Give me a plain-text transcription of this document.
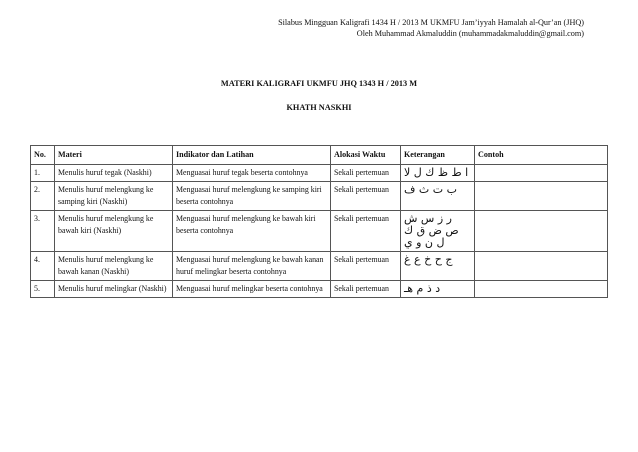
Silabus Mingguan Kaligrafi 1434 H / 2013 M UKMFU Jam’iyyah Hamalah al-Qur’an (JHQ)
Oleh Muhammad Akmaluddin (muhammadakmaluddin@gmail.com)
MATERI KALIGRAFI UKMFU JHQ 1343 H / 2013 M
KHATH NASKHI
No.	Materi	Indikator dan Latihan	Alokasi Waktu	Keterangan	Contoh
1.	Menulis huruf tegak (Naskhi)	Menguasai huruf tegak beserta contohnya	Sekali pertemuan	ا ط ظ ك ل لا	
2.	Menulis huruf melengkung ke samping kiri (Naskhi)	Menguasai huruf melengkung ke samping kiri beserta contohnya	Sekali pertemuan	ب ت ث ف	
3.	Menulis huruf melengkung ke bawah kiri (Naskhi)	Menguasai huruf melengkung ke bawah kiri beserta contohnya	Sekali pertemuan	ر ز س ش
ص ض ق ك
ل ن و ي	
4.	Menulis huruf melengkung ke bawah kanan (Naskhi)	Menguasai huruf melengkung ke bawah kanan huruf melingkar beserta contohnya	Sekali pertemuan	ج ح خ ع غ	
5.	Menulis huruf melingkar (Naskhi)	Menguasai huruf melingkar beserta contohnya	Sekali pertemuan	د ذ م هـ	
